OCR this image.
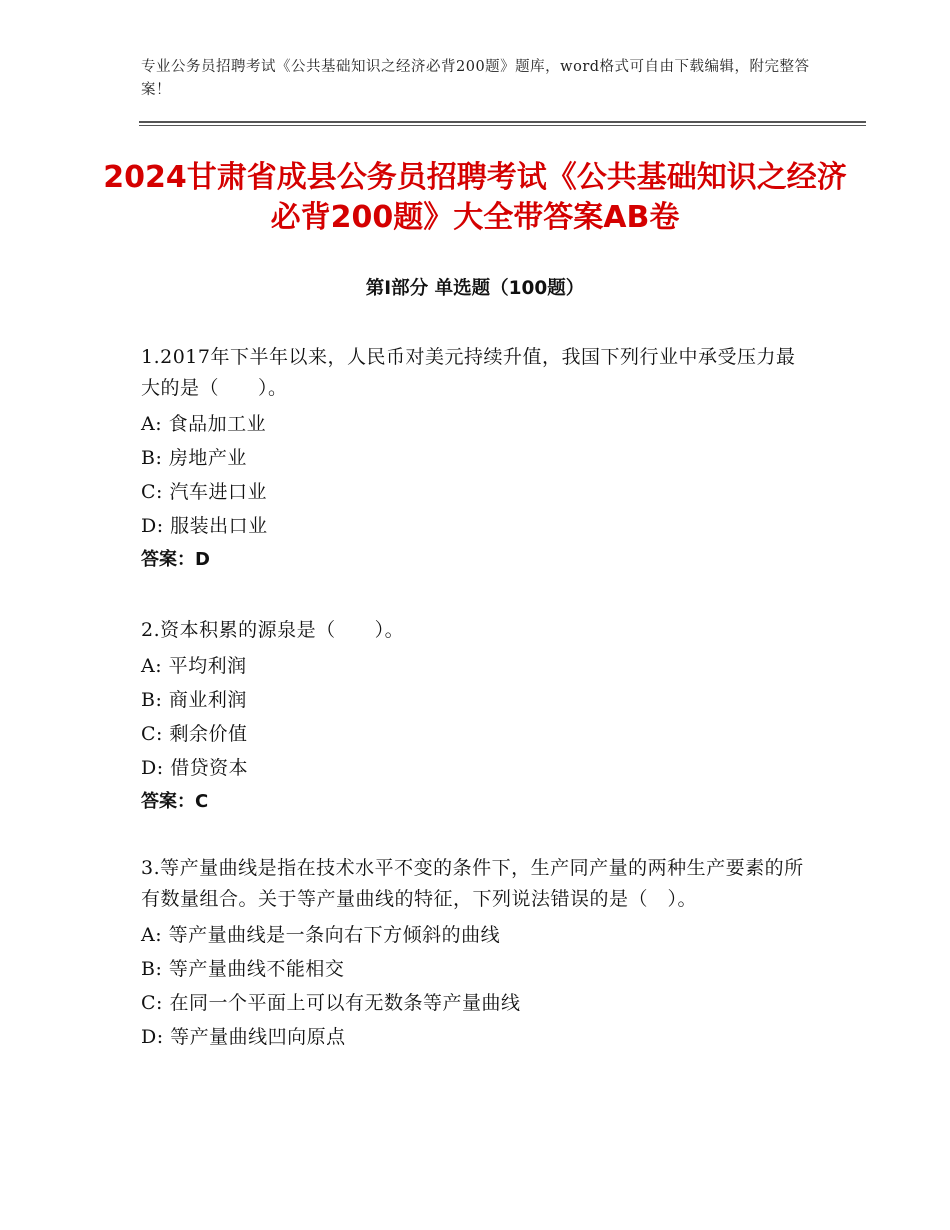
专业公务员招聘考试《公共基础知识之经济必背200题》题库，word格式可自由下载编辑，附完整答案！
2024甘肃省成县公务员招聘考试《公共基础知识之经济必背200题》大全带答案AB卷
第Ⅰ部分 单选题（100题）

1.2017年下半年以来，人民币对美元持续升值，我国下列行业中承受压力最大的是（　　）。

A: 食品加工业

B: 房地产业

C: 汽车进口业

D: 服装出口业

答案：D

2.资本积累的源泉是（　　）。

A: 平均利润

B: 商业利润

C: 剩余价值

D: 借贷资本

答案：C

3.等产量曲线是指在技术水平不变的条件下，生产同产量的两种生产要素的所有数量组合。关于等产量曲线的特征，下列说法错误的是（　）。

A: 等产量曲线是一条向右下方倾斜的曲线

B: 等产量曲线不能相交

C: 在同一个平面上可以有无数条等产量曲线

D: 等产量曲线凹向原点
